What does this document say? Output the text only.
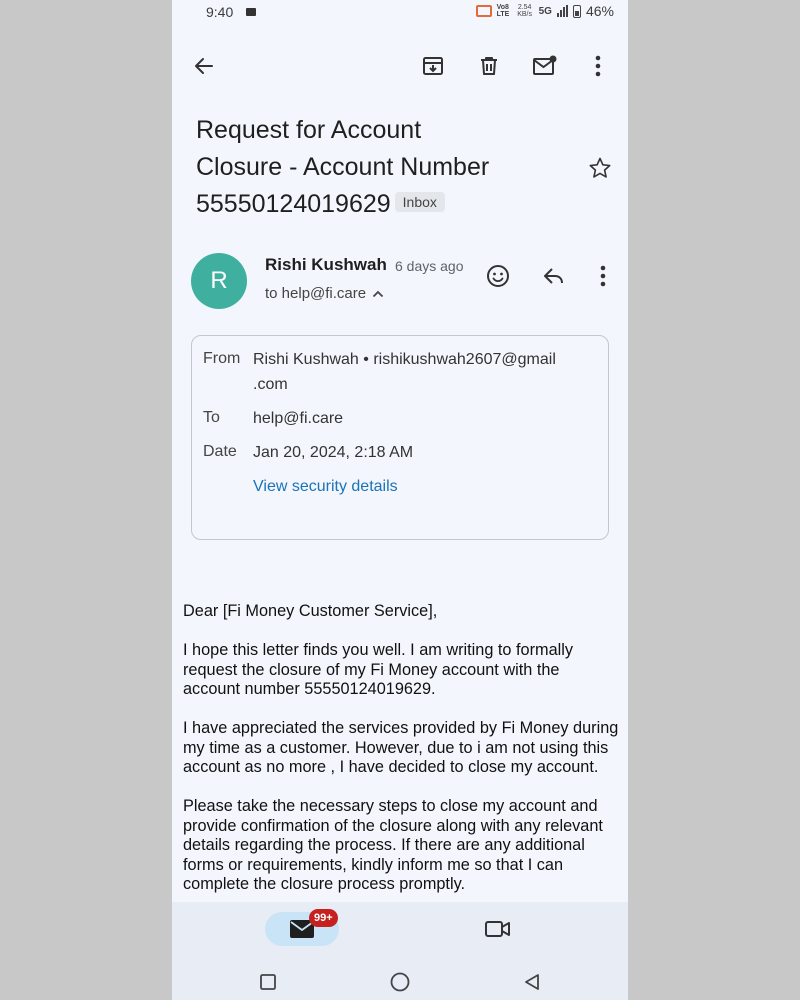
9:40	Vo8 LTE
2.54 KB/s 5G 46%
Request for Account
Closure - Account Number
55550124019629 Inbox
R
Rishi Kushwah 6 days ago
to help@fi.care
From Rishi Kushwah • rishikushwah2607@gmail
.com
To help@fi.care
Date Jan 20, 2024, 2:18 AM
View security details

Dear [Fi Money Customer Service],

I hope this letter finds you well. I am writing to formally request the closure of my Fi Money account with the account number 55550124019629.

I have appreciated the services provided by Fi Money during my time as a customer. However, due to i am not using this account as no more , I have decided to close my account.

Please take the necessary steps to close my account and provide confirmation of the closure along with any relevant details regarding the process. If there are any additional forms or requirements, kindly inform me so that I can complete the closure process promptly.

99+
